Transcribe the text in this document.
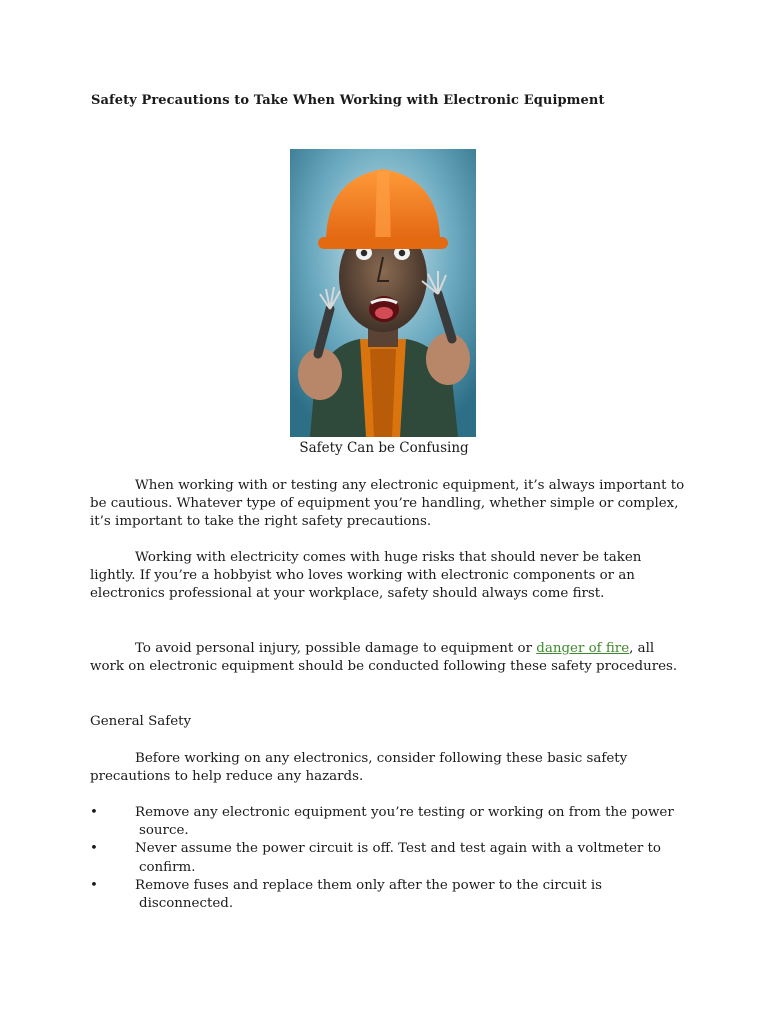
Safety Precautions to Take When Working with Electronic Equipment
Safety Can be Confusing

When working with or testing any electronic equipment, it’s always important to be cautious. Whatever type of equipment you’re handling, whether simple or complex, it’s important to take the right safety precautions.

Working with electricity comes with huge risks that should never be taken lightly. If you’re a hobbyist who loves working with electronic components or an electronics professional at your workplace, safety should always come first.

To avoid personal injury, possible damage to equipment or danger of fire, all work on electronic equipment should be conducted following these safety procedures.

General Safety

Before working on any electronics, consider following these basic safety precautions to help reduce any hazards.

•	Remove any electronic equipment you’re testing or working on from the power source.
•	Never assume the power circuit is off. Test and test again with a voltmeter to confirm.
•	Remove fuses and replace them only after the power to the circuit is disconnected.
